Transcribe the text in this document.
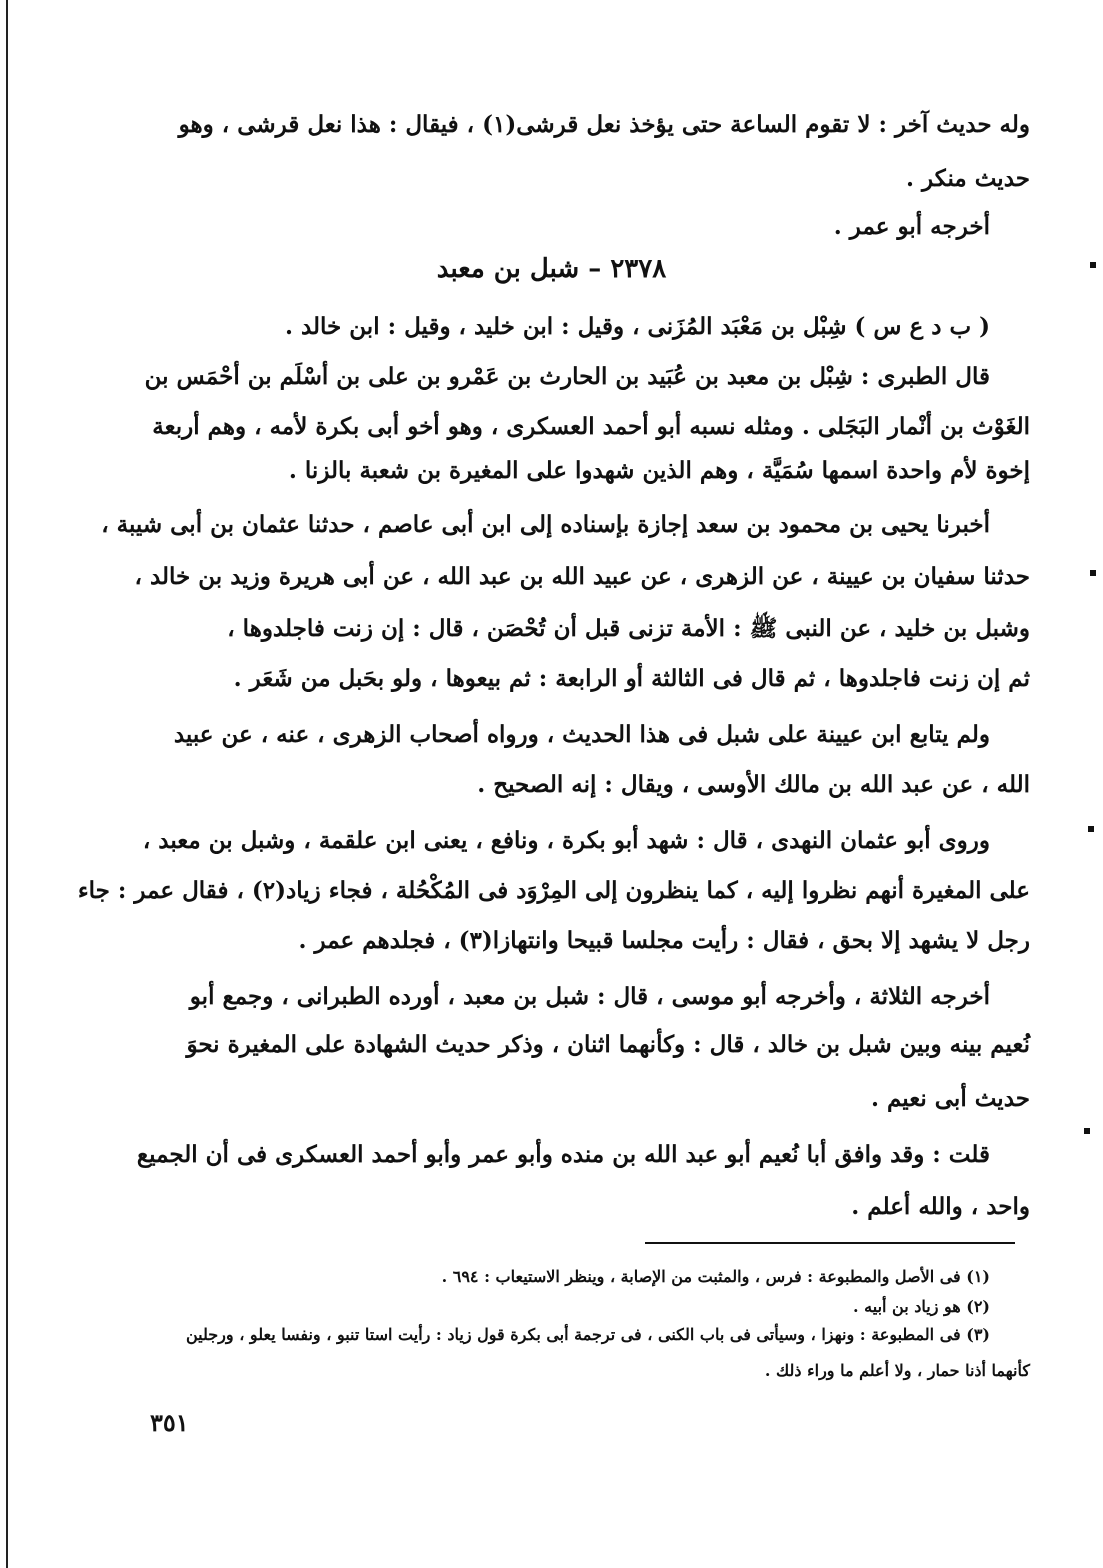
وله حديث آخر : لا تقوم الساعة حتى يؤخذ نعل قرشى(١) ، فيقال : هذا نعل قرشى ، وهو
حديث منكر .
أخرجه أبو عمر .
٢٣٧٨ – شبل بن معبد
( ب د ع س ) شِبْل بن مَعْبَد المُزَنى ، وقيل : ابن خليد ، وقيل : ابن خالد .
قال الطبرى : شِبْل بن معبد بن عُبَيد بن الحارث بن عَمْرو بن على بن أسْلَم بن أحْمَس بن
الغَوْث بن أنْمار البَجَلى . ومثله نسبه أبو أحمد العسكرى ، وهو أخو أبى بكرة لأمه ، وهم أربعة
إخوة لأم واحدة اسمها سُمَيَّة ، وهم الذين شهدوا على المغيرة بن شعبة بالزنا .
أخبرنا يحيى بن محمود بن سعد إجازة بإسناده إلى ابن أبى عاصم ، حدثنا عثمان بن أبى شيبة ،
حدثنا سفيان بن عيينة ، عن الزهرى ، عن عبيد الله بن عبد الله ، عن أبى هريرة وزيد بن خالد ،
وشبل بن خليد ، عن النبى ﷺ : الأمة تزنى قبل أن تُحْصَن ، قال : إن زنت فاجلدوها ،
ثم إن زنت فاجلدوها ، ثم قال فى الثالثة أو الرابعة : ثم بيعوها ، ولو بحَبل من شَعَر .
ولم يتابع ابن عيينة على شبل فى هذا الحديث ، ورواه أصحاب الزهرى ، عنه ، عن عبيد
الله ، عن عبد الله بن مالك الأوسى ، ويقال : إنه الصحيح .
وروى أبو عثمان النهدى ، قال : شهد أبو بكرة ، ونافع ، يعنى ابن علقمة ، وشبل بن معبد ،
على المغيرة أنهم نظروا إليه ، كما ينظرون إلى المِرْوَد فى المُكْحُلة ، فجاء زياد(٢) ، فقال عمر : جاء
رجل لا يشهد إلا بحق ، فقال : رأيت مجلسا قبيحا وانتهازا(٣) ، فجلدهم عمر .
أخرجه الثلاثة ، وأخرجه أبو موسى ، قال : شبل بن معبد ، أورده الطبرانى ، وجمع أبو
نُعيم بينه وبين شبل بن خالد ، قال : وكأنهما اثنان ، وذكر حديث الشهادة على المغيرة نحوَ
حديث أبى نعيم .
قلت : وقد وافق أبا نُعيم أبو عبد الله بن منده وأبو عمر وأبو أحمد العسكرى فى أن الجميع
واحد ، والله أعلم .
(١) فى الأصل والمطبوعة : فرس ، والمثبت من الإصابة ، وينظر الاستيعاب : ٦٩٤ .
(٢) هو زياد بن أبيه .
(٣) فى المطبوعة : ونهزا ، وسيأتى فى باب الكنى ، فى ترجمة أبى بكرة قول زياد : رأيت استا تنبو ، ونفسا يعلو ، ورجلين
كأنهما أذنا حمار ، ولا أعلم ما وراء ذلك .
٣٥١
